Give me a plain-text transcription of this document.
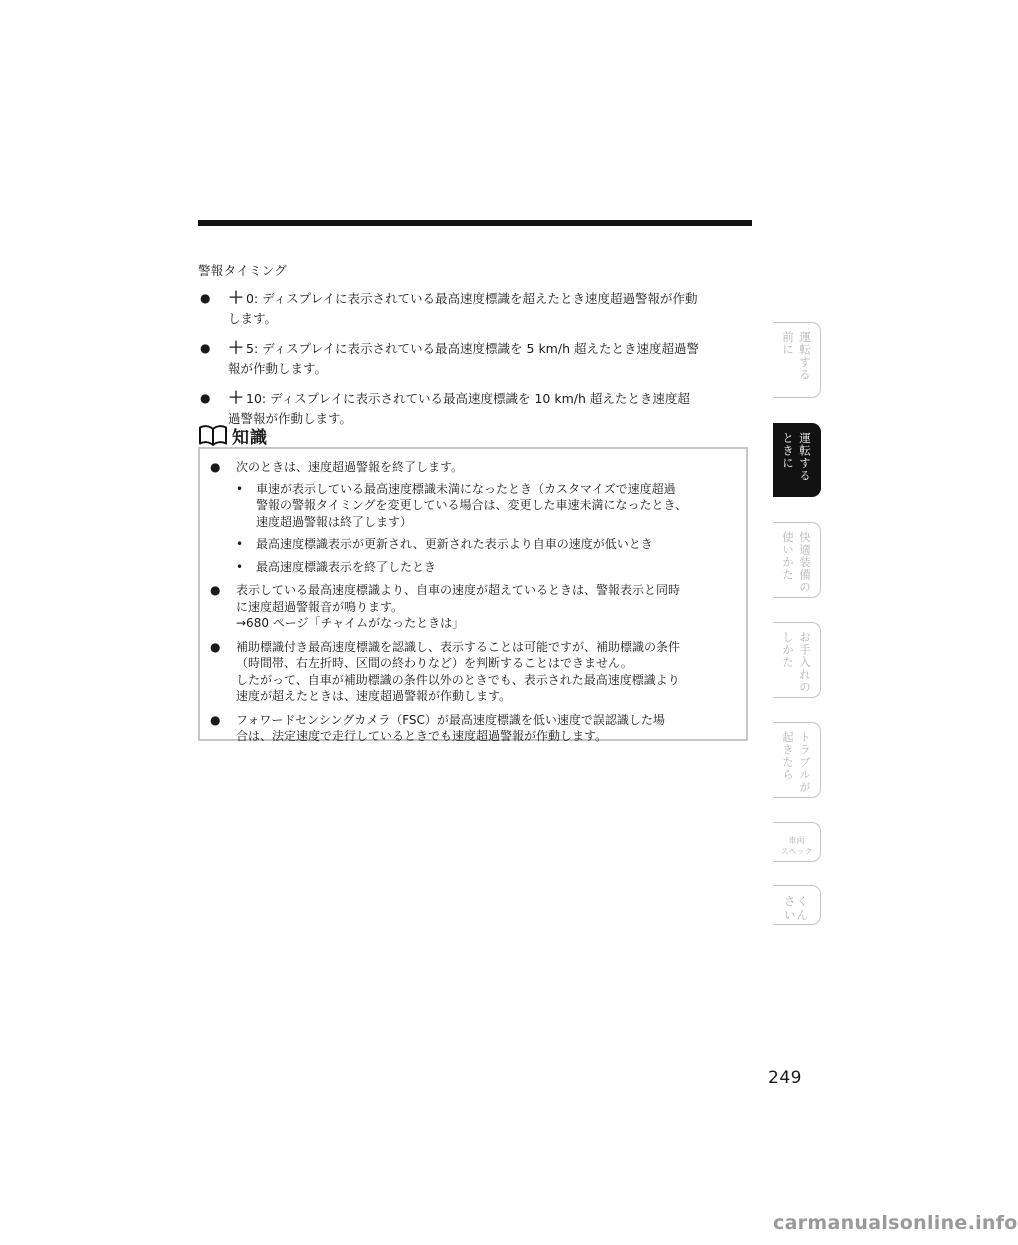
警報タイミング
● ＋ 0: ディスプレイに表示されている最高速度標識を超えたとき速度超過警報が作動
します。
● ＋ 5: ディスプレイに表示されている最高速度標識を 5 km/h 超えたとき速度超過警
報が作動します。
● ＋ 10: ディスプレイに表示されている最高速度標識を 10 km/h 超えたとき速度超
過警報が作動します。
知識
● 次のときは、速度超過警報を終了します。
• 車速が表示している最高速度標識未満になったとき（カスタマイズで速度超過
警報の警報タイミングを変更している場合は、変更した車速未満になったとき、
速度超過警報は終了します）
• 最高速度標識表示が更新され、更新された表示より自車の速度が低いとき
• 最高速度標識表示を終了したとき
● 表示している最高速度標識より、自車の速度が超えているときは、警報表示と同時
に速度超過警報音が鳴ります。
→680 ページ「チャイムがなったときは」
● 補助標識付き最高速度標識を認識し、表示することは可能ですが、補助標識の条件
（時間帯、右左折時、区間の終わりなど）を判断することはできません。
したがって、自車が補助標識の条件以外のときでも、表示された最高速度標識より
速度が超えたときは、速度超過警報が作動します。
● フォワードセンシングカメラ（FSC）が最高速度標識を低い速度で誤認識した場
合は、法定速度で走行しているときでも速度超過警報が作動します。
運転する
前に
運転する
ときに
快適装備の
使いかた
お手入れの
しかた
トラブルが
起きたら
車両
スペック
さく
いん
249
carmanualsonline.info
